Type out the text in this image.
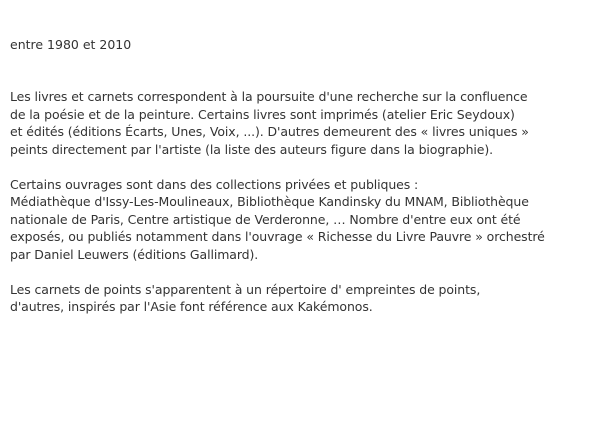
entre 1980 et 2010

Les livres et carnets correspondent à la poursuite d'une recherche sur la confluence
de la poésie et de la peinture. Certains livres sont imprimés (atelier Eric Seydoux)
et édités (éditions Écarts, Unes, Voix, ...). D'autres demeurent des « livres uniques »
peints directement par l'artiste (la liste des auteurs figure dans la biographie).

Certains ouvrages sont dans des collections privées et publiques :
Médiathèque d'Issy-Les-Moulineaux, Bibliothèque Kandinsky du MNAM, Bibliothèque
nationale de Paris, Centre artistique de Verderonne, … Nombre d'entre eux ont été
exposés, ou publiés notamment dans l'ouvrage « Richesse du Livre Pauvre » orchestré
par Daniel Leuwers (éditions Gallimard).

Les carnets de points s'apparentent à un répertoire d' empreintes de points,
d'autres, inspirés par l'Asie font référence aux Kakémonos.
